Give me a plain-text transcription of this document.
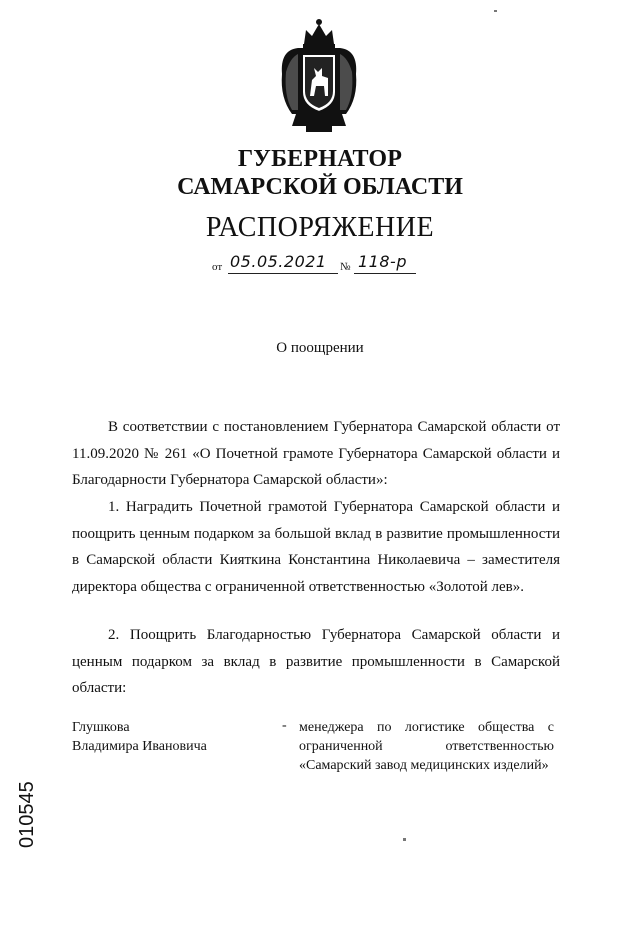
ГУБЕРНАТОР
САМАРСКОЙ ОБЛАСТИ
РАСПОРЯЖЕНИЕ
от 05.05.2021 № 118-р
О поощрении

В соответствии с постановлением Губернатора Самарской области от 11.09.2020 № 261 «О Почетной грамоте Губернатора Самарской области и Благодарности Губернатора Самарской области»:

1. Наградить Почетной грамотой Губернатора Самарской области и поощрить ценным подарком за большой вклад в развитие промышленности в Самарской области Кияткина Константина Николаевича – заместителя директора общества с ограниченной ответственностью «Золотой лев».

2. Поощрить Благодарностью Губернатора Самарской области и ценным подарком за вклад в развитие промышленности в Самарской области:

Глушкова
Владимира Ивановича
- менеджера по логистике общества с ограниченной ответственностью «Самарский завод медицинских изделий»
010545
